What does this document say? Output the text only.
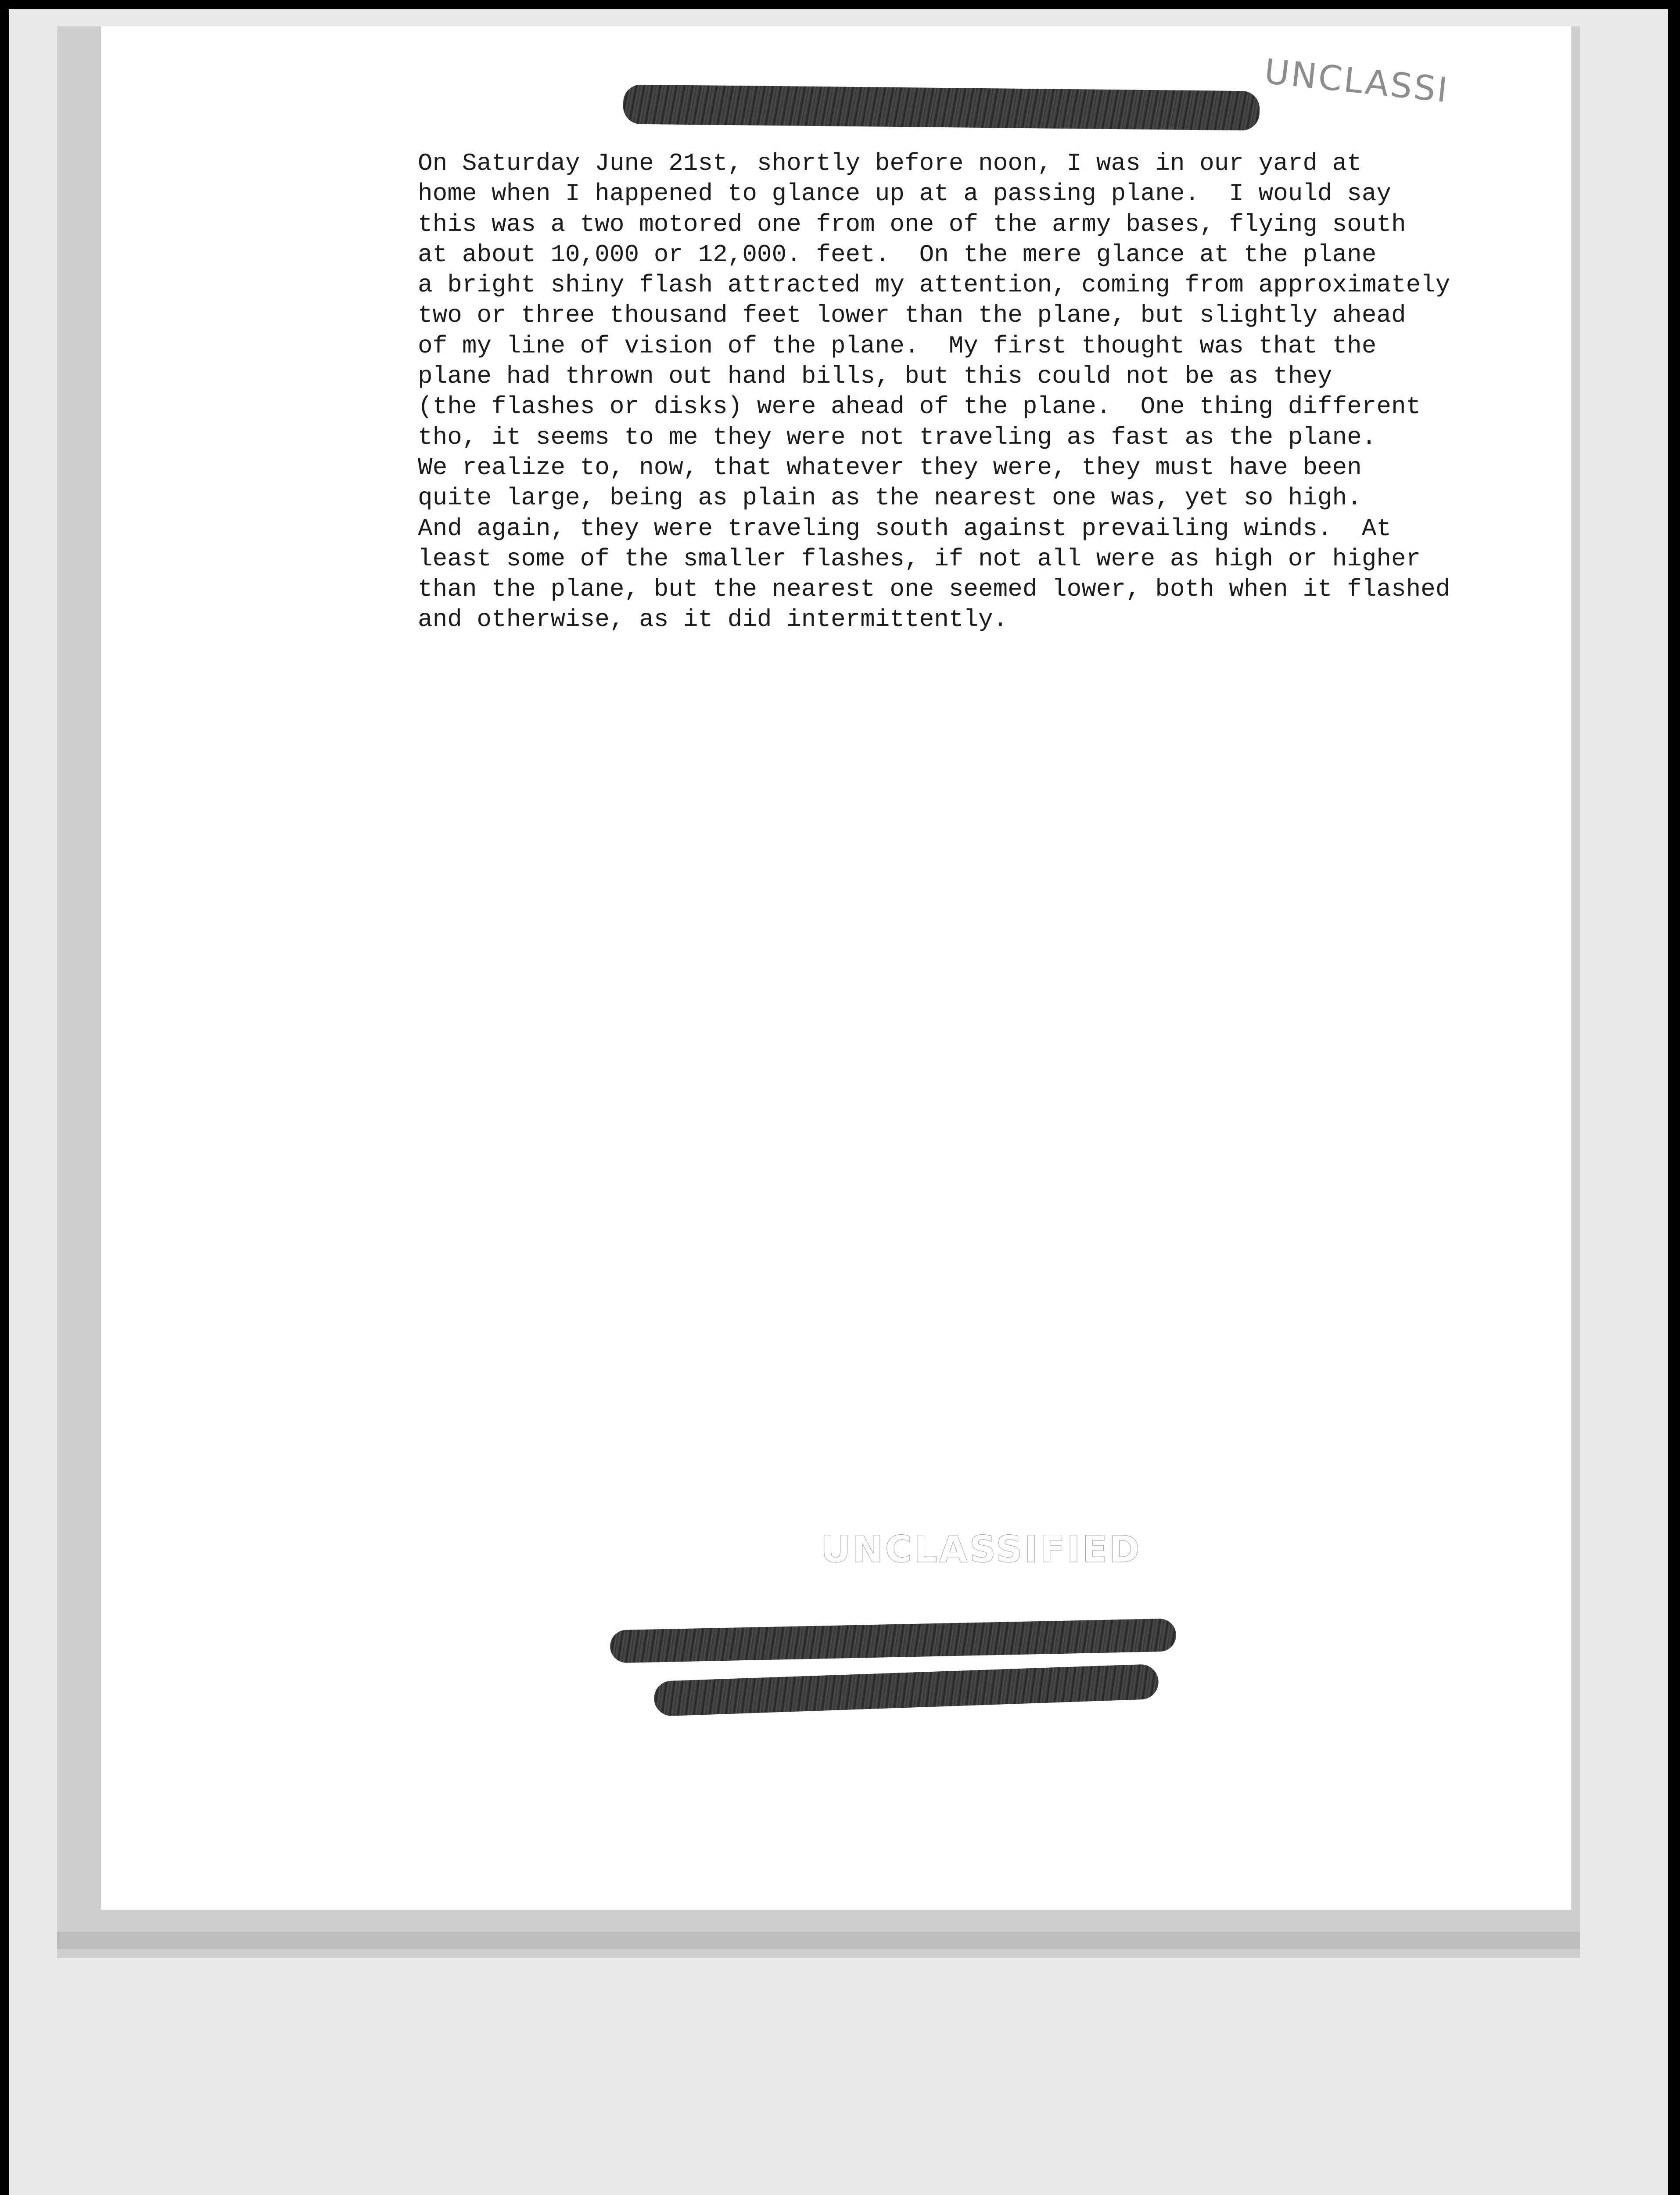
UNCLASSI
On Saturday June 21st, shortly before noon, I was in our yard at
home when I happened to glance up at a passing plane.  I would say
this was a two motored one from one of the army bases, flying south
at about 10,000 or 12,000. feet.  On the mere glance at the plane
a bright shiny flash attracted my attention, coming from approximately
two or three thousand feet lower than the plane, but slightly ahead
of my line of vision of the plane.  My first thought was that the
plane had thrown out hand bills, but this could not be as they
(the flashes or disks) were ahead of the plane.  One thing different
tho, it seems to me they were not traveling as fast as the plane.
We realize to, now, that whatever they were, they must have been
quite large, being as plain as the nearest one was, yet so high.
And again, they were traveling south against prevailing winds.  At
least some of the smaller flashes, if not all were as high or higher
than the plane, but the nearest one seemed lower, both when it flashed
and otherwise, as it did intermittently.
UNCLASSIFIED
